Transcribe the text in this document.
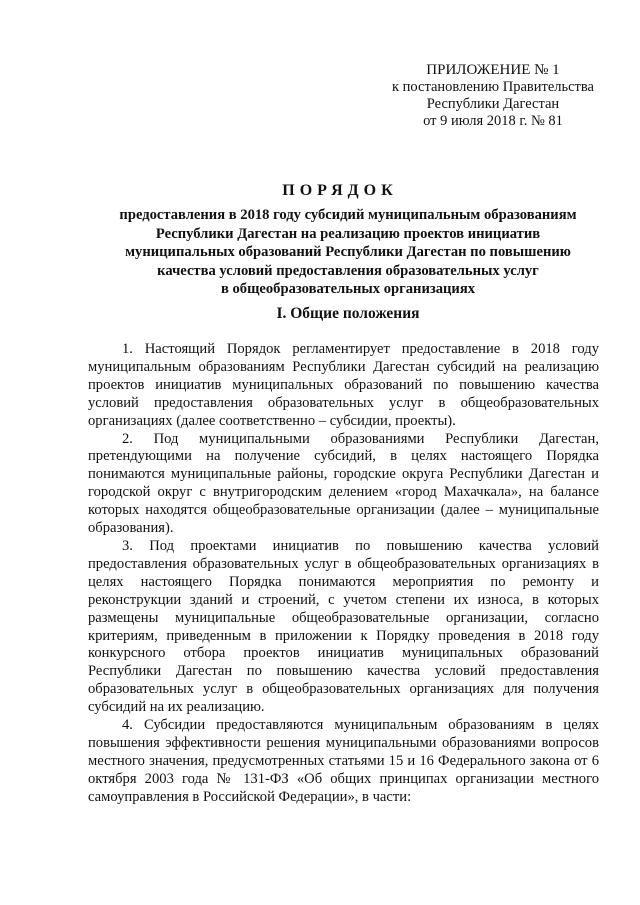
ПРИЛОЖЕНИЕ № 1
к постановлению Правительства
Республики Дагестан
от 9 июля 2018 г. № 81
ПОРЯДОК
предоставления в 2018 году субсидий муниципальным образованиям
Республики Дагестан на реализацию проектов инициатив
муниципальных образований Республики Дагестан по повышению
качества условий предоставления образовательных услуг
в общеобразовательных организациях
I. Общие положения

1. Настоящий Порядок регламентирует предоставление в 2018 году муниципальным образованиям Республики Дагестан субсидий на реализацию проектов инициатив муниципальных образований по повышению качества условий предоставления образовательных услуг в общеобразовательных организациях (далее соответственно – субсидии, проекты).

2. Под муниципальными образованиями Республики Дагестан, претендующими на получение субсидий, в целях настоящего Порядка понимаются муниципальные районы, городские округа Республики Дагестан и городской округ с внутригородским делением «город Махачкала», на балансе которых находятся общеобразовательные организации (далее – муниципальные образования).

3. Под проектами инициатив по повышению качества условий предоставления образовательных услуг в общеобразовательных организациях в целях настоящего Порядка понимаются мероприятия по ремонту и реконструкции зданий и строений, с учетом степени их износа, в которых размещены муниципальные общеобразовательные организации, согласно критериям, приведенным в приложении к Порядку проведения в 2018 году конкурсного отбора проектов инициатив муниципальных образований Республики Дагестан по повышению качества условий предоставления образовательных услуг в общеобразовательных организациях для получения субсидий на их реализацию.

4. Субсидии предоставляются муниципальным образованиям в целях повышения эффективности решения муниципальными образованиями вопросов местного значения, предусмотренных статьями 15 и 16 Федерального закона от 6 октября 2003 года № 131-ФЗ «Об общих принципах организации местного самоуправления в Российской Федерации», в части:
